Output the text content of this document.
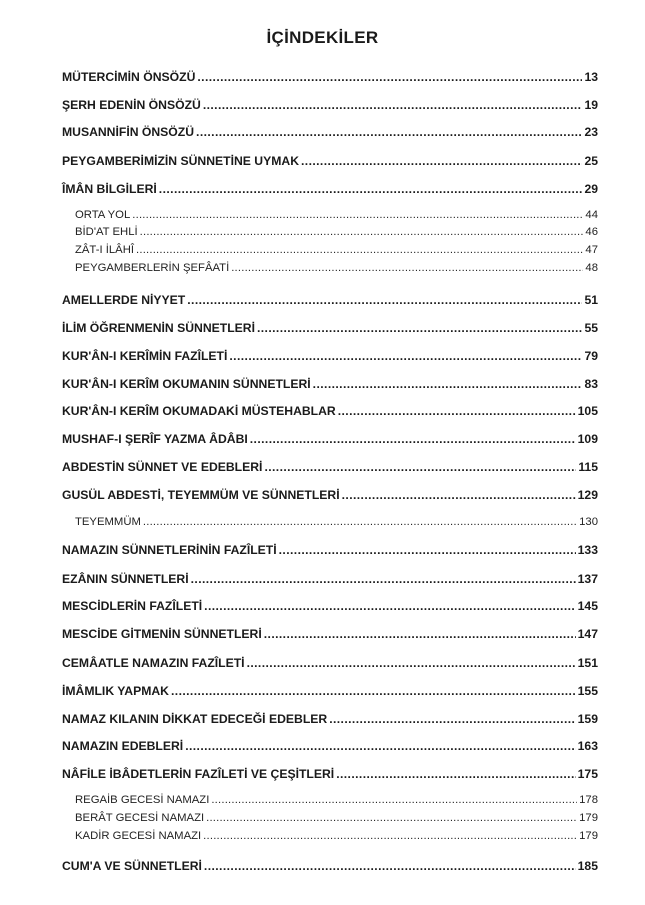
İÇİNDEKİLER
MÜTERCİMİN ÖNSÖZÜ .....	13
ŞERH EDENİN ÖNSÖZÜ .....	19
MUSANNİFİN ÖNSÖZÜ .....	23
PEYGAMBERİMİZİN SÜNNETİNE UYMAK .....	25
ÎMÂN BİLGİLERİ .....	29
ORTA YOL .....	44
BİD'AT EHLİ .....	46
ZÂT-I İLÂHÎ .....	47
PEYGAMBERLERİN ŞEFÂATİ .....	48
AMELLERDE NİYYET .....	51
İLİM ÖĞRENMENİN SÜNNETLERİ .....	55
KUR'ÂN-I KERÎMİN FAZÎLETİ .....	79
KUR'ÂN-I KERÎM OKUMANIN SÜNNETLERİ .....	83
KUR'ÂN-I KERÎM OKUMADAKİ MÜSTEHABLAR .....	105
MUSHAF-I ŞERÎF YAZMA ÂDÂBI .....	109
ABDESTİN SÜNNET VE EDEBLERİ .....	115
GUSÜL ABDESTİ, TEYEMMÜM VE SÜNNETLERİ .....	129
TEYEMMÜM .....	130
NAMAZIN SÜNNETLERİNİN FAZÎLETİ .....	133
EZÂNIN SÜNNETLERİ .....	137
MESCİDLERİN FAZÎLETİ .....	145
MESCİDE GİTMENİN SÜNNETLERİ .....	147
CEMÂATLE NAMAZIN FAZÎLETİ .....	151
İMÂMLIK YAPMAK .....	155
NAMAZ KILANIN DİKKAT EDECEĞİ EDEBLER .....	159
NAMAZIN EDEBLERİ .....	163
NÂFİLE İBÂDETLERİN FAZÎLETİ VE ÇEŞİTLERİ .....	175
REGAİB GECESİ NAMAZI .....	178
BERÂT GECESİ NAMAZI .....	179
KADİR GECESİ NAMAZI .....	179
CUM'A VE SÜNNETLERİ .....	185
